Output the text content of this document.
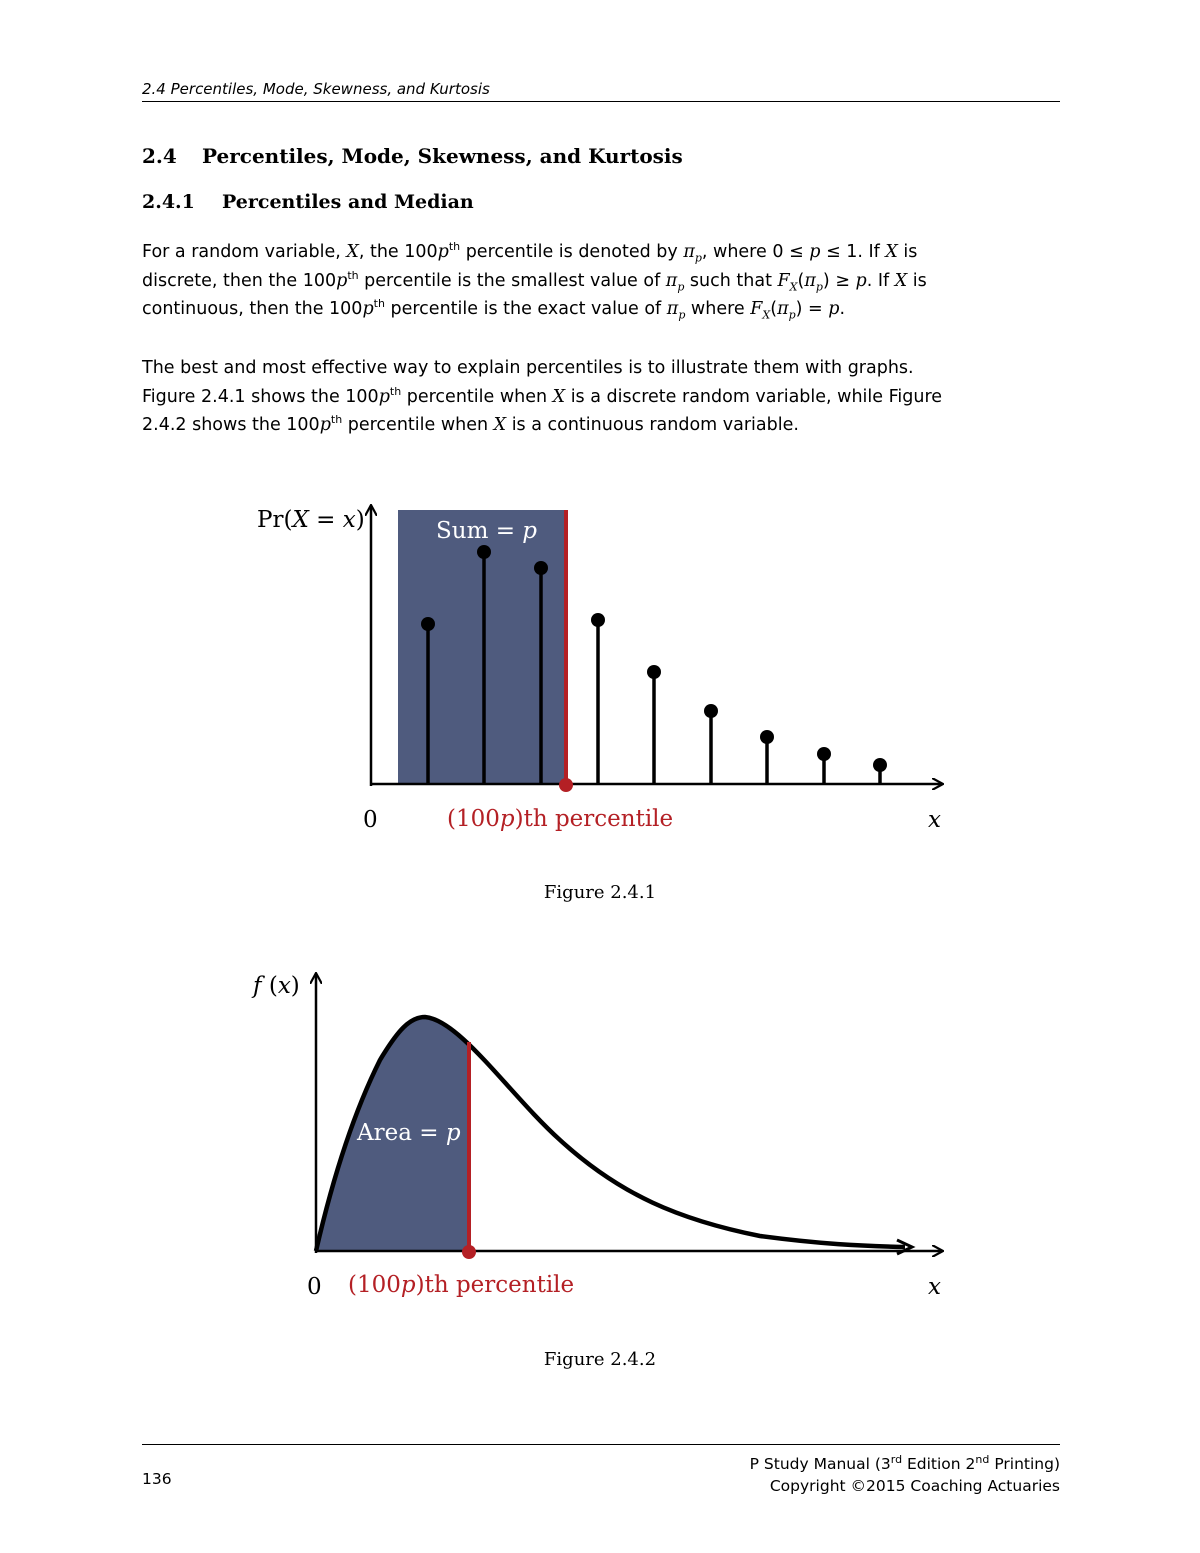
2.4 Percentiles, Mode, Skewness, and Kurtosis
2.4 Percentiles, Mode, Skewness, and Kurtosis
2.4.1 Percentiles and Median

For a random variable, X, the $100p^{th}$ percentile is denoted by $\pi_p$, where 0 ≤ p ≤ 1. If X is

discrete, then the $100p^{th}$ percentile is the smallest value of $\pi_p$ such that $F_X(\pi_p) \ge p$. If X is

continuous, then the $100p^{th}$ percentile is the exact value of $\pi_p$ where $F_X(\pi_p) = p$.

The best and most effective way to explain percentiles is to illustrate them with graphs.

Figure 2.4.1 shows the $100p^{th}$ percentile when X is a discrete random variable, while Figure

2.4.2 shows the $100p^{th}$ percentile when X is a continuous random variable.

Pr(X = x)	Sum = p
0	(100p)th percentile	x
f (x)
Area = p
0 (100p)th percentile	x
Figure 2.4.1
Figure 2.4.2
136
P Study Manual (3rd Edition 2nd Printing)
Copyright ©2015 Coaching Actuaries
